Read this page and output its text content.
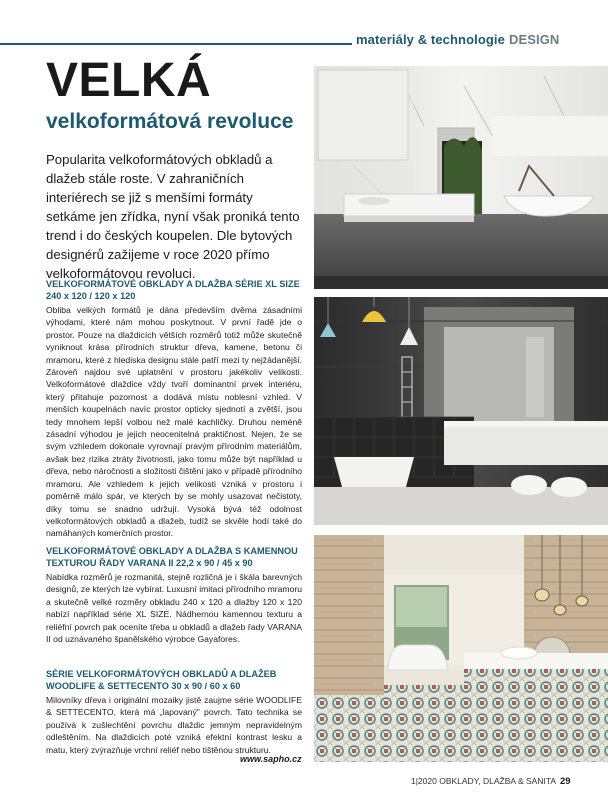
materiály & technologie DESIGN
VELKÁ
velkoformátová revoluce
Popularita velkoformátových obkladů a dlažeb stále roste. V zahraničních interiérech se již s menšími formáty setkáme jen zřídka, nyní však proniká tento trend i do českých koupelen. Dle bytových designérů zažijeme v roce 2020 přímo velkoformátovou revoluci.
VELKOFORMÁTOVÉ OBKLADY A DLAŽBA SÉRIE XL SIZE
240 x 120 / 120 x 120

Obliba velkých formátů je dána především dvěma zásadními výhodami, které nám mohou poskytnout. V první řadě jde o prostor. Pouze na dlaždicích větších rozměrů totiž může skutečně vyniknout krása přírodních struktur dřeva, kamene, betonu či mramoru, které z hlediska designu stále patří mezi ty nejžádanější. Zároveň najdou své uplatnění v prostoru jakékoliv velikosti. Velkoformátové dlaždice vždy tvoří dominantní prvek interiéru, který přitahuje pozornost a dodává místu noblesní vzhled. V menších koupelnách navíc prostor opticky sjednotí a zvětší, jsou tedy mnohem lepší volbou než malé kachličky. Druhou neméně zásadní výhodou je jejich neocenitelná praktičnost. Nejen, že se svým vzhledem dokonale vyrovnají pravým přírodním materiálům, avšak bez rizika ztráty životnosti, jako tomu může být například u dřeva, nebo náročnosti a složitosti čištění jako v případě přírodního mramoru. Ale vzhledem k jejich velikosti vzniká v prostoru i poměrně málo spár, ve kterých by se mohly usazovat nečistoty, díky tomu se snadno udržují. Vysoká bývá též odolnost velkoformátových obkladů a dlažeb, tudíž se skvěle hodí také do namáhaných komerčních prostor.

VELKOFORMÁTOVÉ OBKLADY A DLAŽBA S KAMENNOU
TEXTUROU ŘADY VARANA II 22,2 x 90 / 45 x 90

Nabídka rozměrů je rozmanitá, stejně rozličná je i škála barevných designů, ze kterých lze vybírat. Luxusní imitaci přírodního mramoru a skutečně velké rozměry obkladu 240 x 120 a dlažby 120 x 120 nabízí například série XL SIZE. Nádhernou kamennou texturu a reliéfní povrch pak oceníte třeba u obkladů a dlažeb řady VARANA II od uznávaného španělského výrobce Gayafores.

SÉRIE VELKOFORMÁTOVÝCH OBKLADŮ A DLAŽEB
WOODLIFE & SETTECENTO 30 x 90 / 60 x 60

Milovníky dřeva i originální mozaiky jistě zaujme série WOODLIFE & SETTECENTO, která má „lapovaný" povrch. Tato technika se používá k zušlechtění povrchu dlaždic jemným nepravidelným odleštěním. Na dlaždicích poté vzniká efektní kontrast lesku a matu, který zvýrazňuje vrchní reliéf nebo tištěnou strukturu.

www.sapho.cz
1|2020 OBKLADY, DLAŽBA & SANITA 29
